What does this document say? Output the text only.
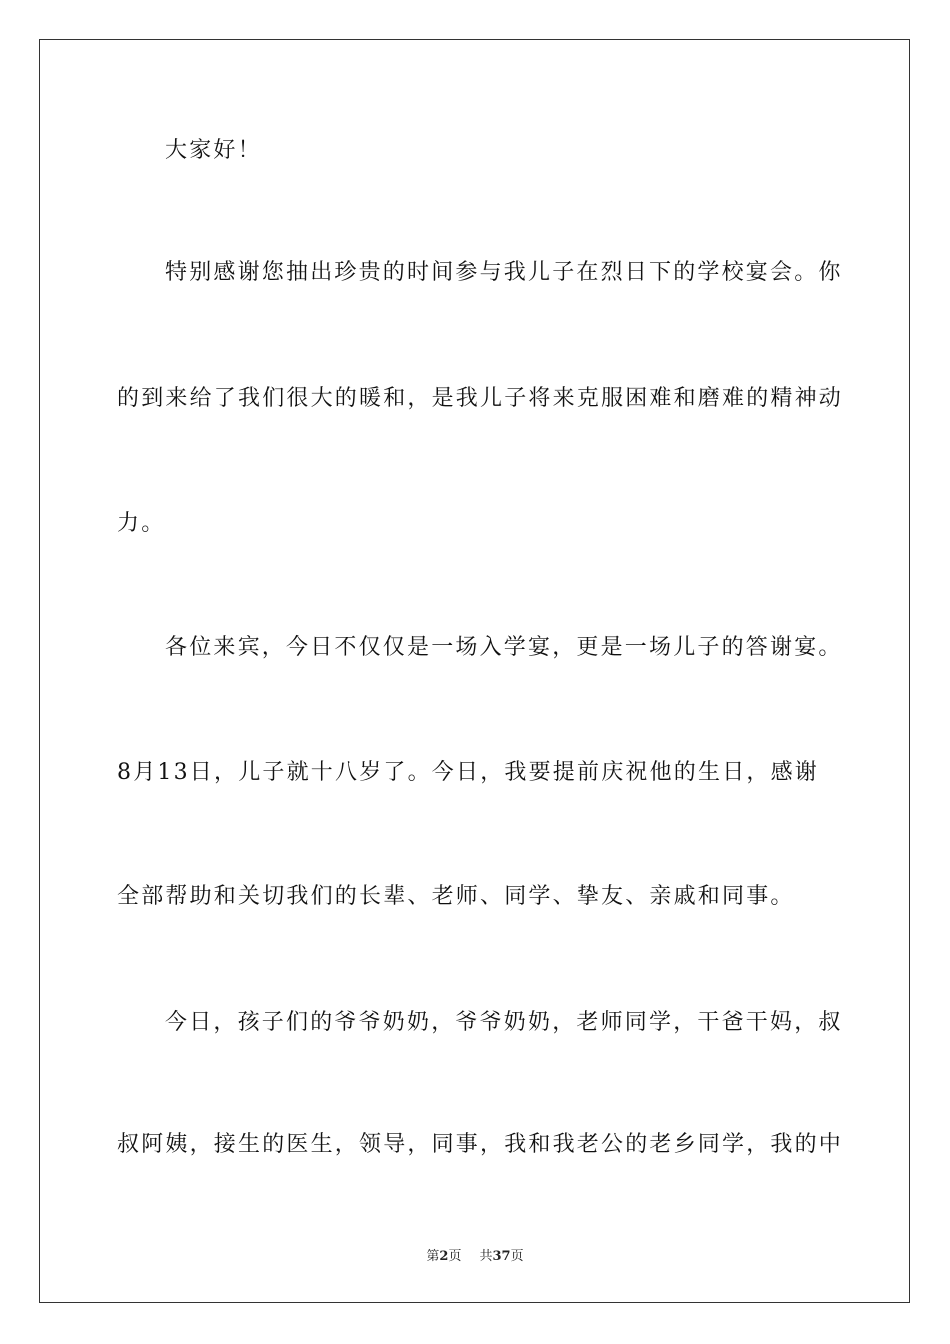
大家好！
特别感谢您抽出珍贵的时间参与我儿子在烈日下的学校宴会。你
的到来给了我们很大的暖和，是我儿子将来克服困难和磨难的精神动
力。
各位来宾，今日不仅仅是一场入学宴，更是一场儿子的答谢宴。
8月13日，儿子就十八岁了。今日，我要提前庆祝他的生日，感谢
全部帮助和关切我们的长辈、老师、同学、挚友、亲戚和同事。
今日，孩子们的爷爷奶奶，爷爷奶奶，老师同学，干爸干妈，叔
叔阿姨，接生的医生，领导，同事，我和我老公的老乡同学，我的中
第2页 共37页
